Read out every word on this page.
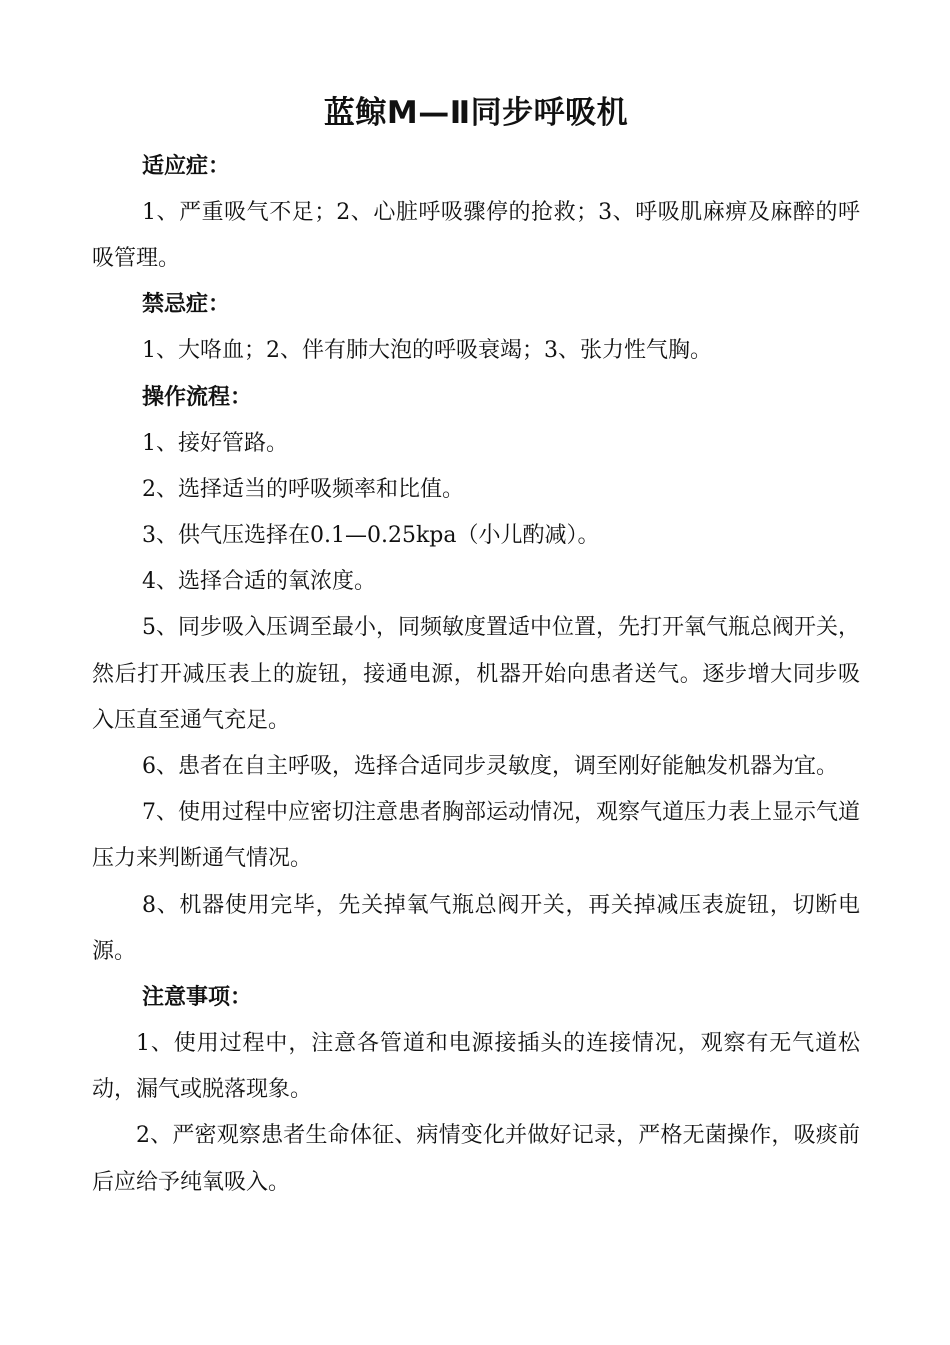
蓝鲸M—Ⅱ同步呼吸机

适应症：

1、严重吸气不足；2、心脏呼吸骤停的抢救；3、呼吸肌麻痹及麻醉的呼吸管理。

禁忌症：

1、大咯血；2、伴有肺大泡的呼吸衰竭；3、张力性气胸。

操作流程：

1、接好管路。

2、选择适当的呼吸频率和比值。

3、供气压选择在0.1—0.25kpa（小儿酌减）。

4、选择合适的氧浓度。

5、同步吸入压调至最小，同频敏度置适中位置，先打开氧气瓶总阀开关，然后打开减压表上的旋钮，接通电源，机器开始向患者送气。逐步增大同步吸入压直至通气充足。

6、患者在自主呼吸，选择合适同步灵敏度，调至刚好能触发机器为宜。

7、使用过程中应密切注意患者胸部运动情况，观察气道压力表上显示气道压力来判断通气情况。

8、机器使用完毕，先关掉氧气瓶总阀开关，再关掉减压表旋钮，切断电源。

注意事项：

1、使用过程中，注意各管道和电源接插头的连接情况，观察有无气道松动，漏气或脱落现象。

2、严密观察患者生命体征、病情变化并做好记录，严格无菌操作，吸痰前后应给予纯氧吸入。
